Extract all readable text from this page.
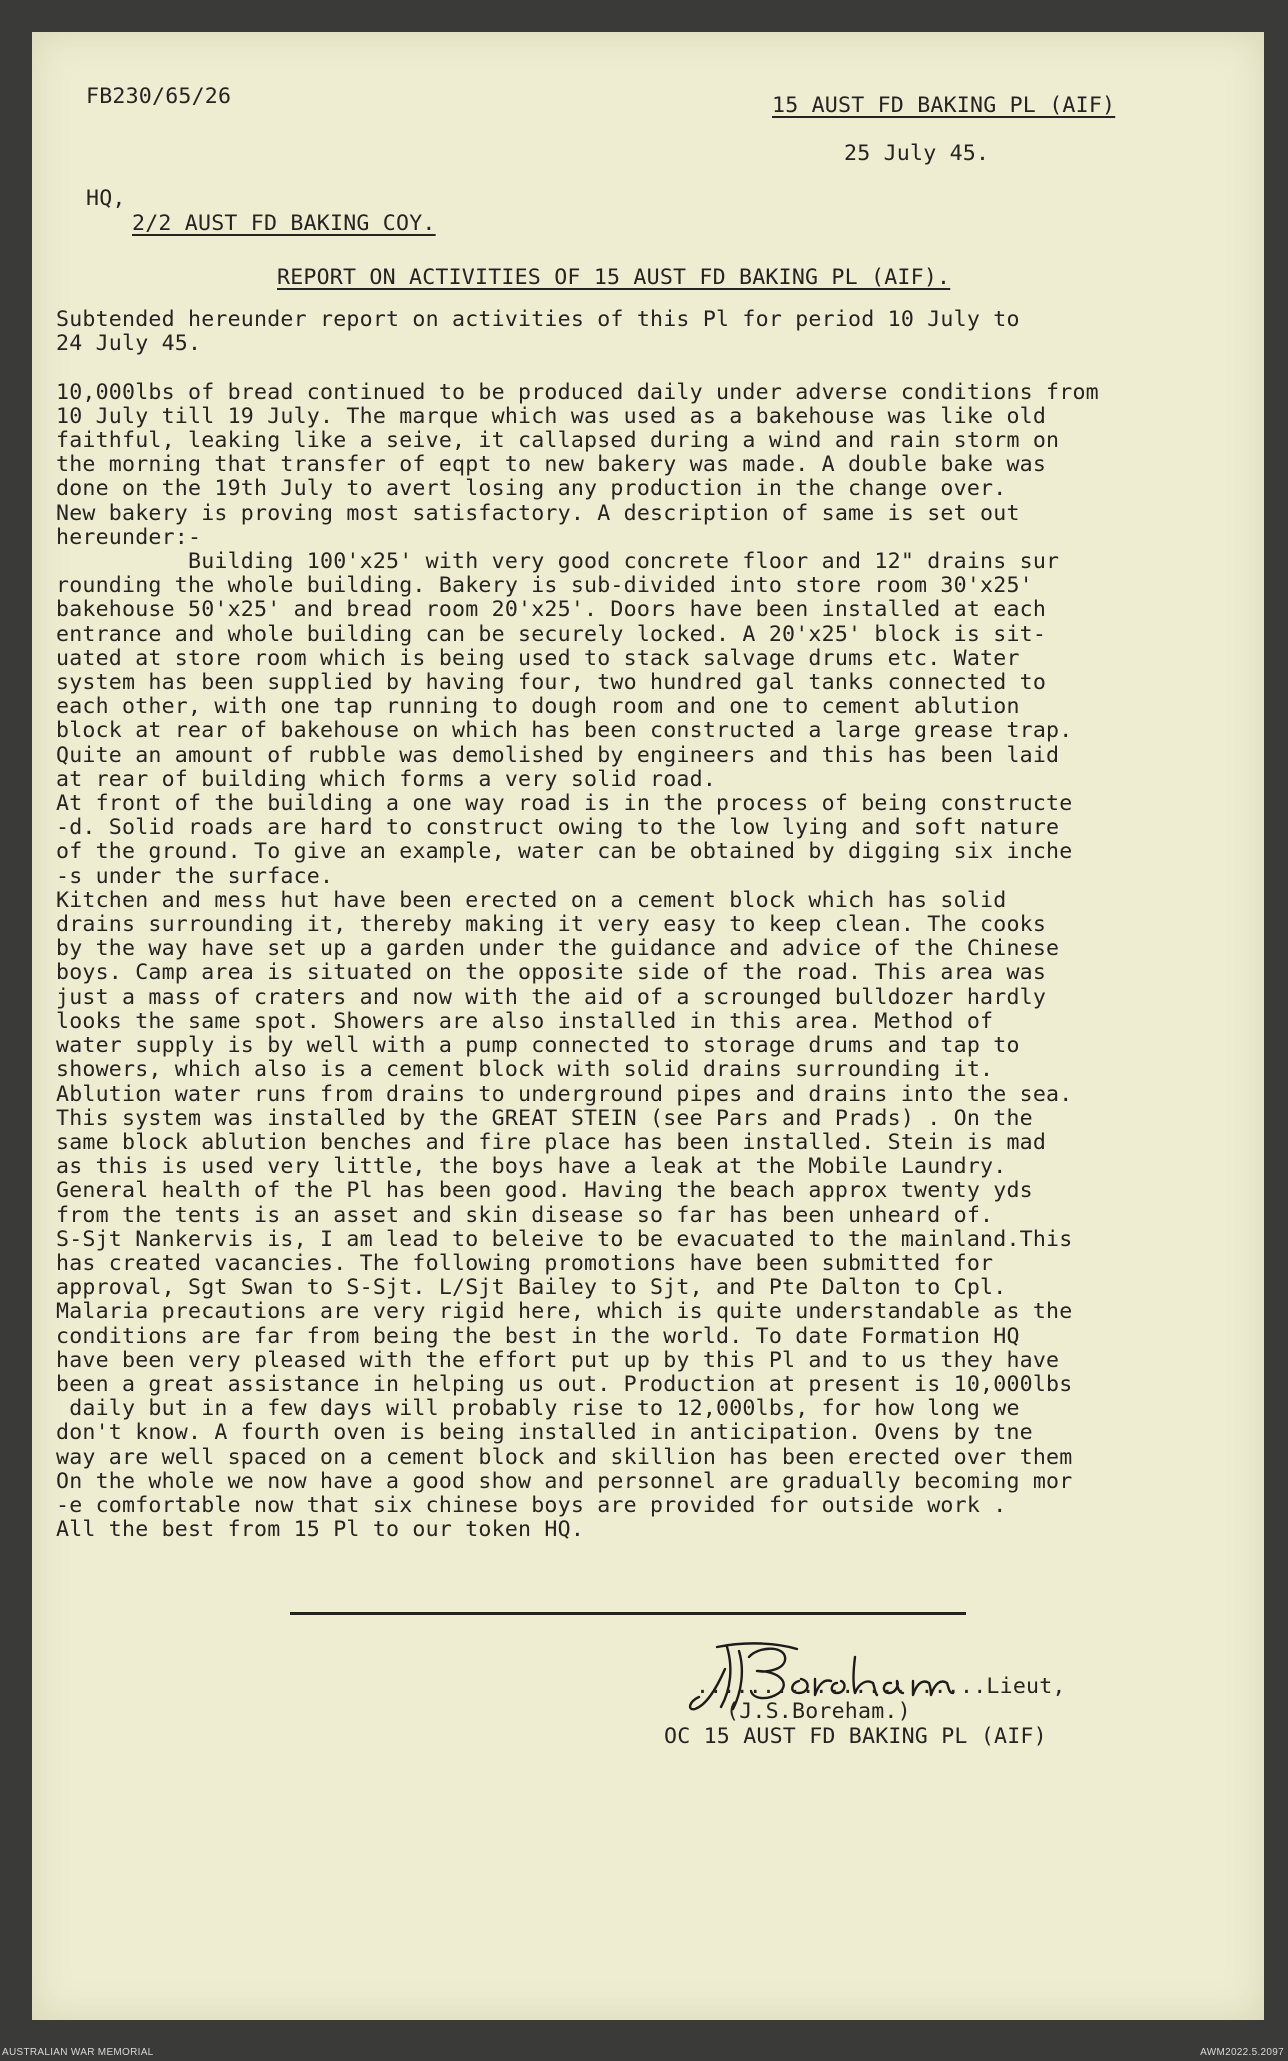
FB230/65/26	15 AUST FD BAKING PL (AIF)
25 July 45.
HQ,
2/2 AUST FD BAKING COY.
REPORT ON ACTIVITIES OF 15 AUST FD BAKING PL (AIF).
Subtended hereunder report on activities of this Pl for period 10 July to
24 July 45.

10,000lbs of bread continued to be produced daily under adverse conditions from
10 July till 19 July. The marque which was used as a bakehouse was like old
faithful, leaking like a seive, it callapsed during a wind and rain storm on
the morning that transfer of eqpt to new bakery was made. A double bake was
done on the 19th July to avert losing any production in the change over.
New bakery is proving most satisfactory. A description of same is set out
hereunder:-
Building 100'x25' with very good concrete floor and 12" drains sur
rounding the whole building. Bakery is sub-divided into store room 30'x25'
bakehouse 50'x25' and bread room 20'x25'. Doors have been installed at each
entrance and whole building can be securely locked. A 20'x25' block is sit-
uated at store room which is being used to stack salvage drums etc. Water
system has been supplied by having four, two hundred gal tanks connected to
each other, with one tap running to dough room and one to cement ablution
block at rear of bakehouse on which has been constructed a large grease trap.
Quite an amount of rubble was demolished by engineers and this has been laid
at rear of building which forms a very solid road.
At front of the building a one way road is in the process of being constructe
-d. Solid roads are hard to construct owing to the low lying and soft nature
of the ground. To give an example, water can be obtained by digging six inche
-s under the surface.
Kitchen and mess hut have been erected on a cement block which has solid
drains surrounding it, thereby making it very easy to keep clean. The cooks
by the way have set up a garden under the guidance and advice of the Chinese
boys. Camp area is situated on the opposite side of the road. This area was
just a mass of craters and now with the aid of a scrounged bulldozer hardly
looks the same spot. Showers are also installed in this area. Method of
water supply is by well with a pump connected to storage drums and tap to
showers, which also is a cement block with solid drains surrounding it.
Ablution water runs from drains to underground pipes and drains into the sea.
This system was installed by the GREAT STEIN (see Pars and Prads) . On the
same block ablution benches and fire place has been installed. Stein is mad
as this is used very little, the boys have a leak at the Mobile Laundry.
General health of the Pl has been good. Having the beach approx twenty yds
from the tents is an asset and skin disease so far has been unheard of.
S-Sjt Nankervis is, I am lead to beleive to be evacuated to the mainland.This
has created vacancies. The following promotions have been submitted for
approval, Sgt Swan to S-Sjt. L/Sjt Bailey to Sjt, and Pte Dalton to Cpl.
Malaria precautions are very rigid here, which is quite understandable as the
conditions are far from being the best in the world. To date Formation HQ
have been very pleased with the effort put up by this Pl and to us they have
been a great assistance in helping us out. Production at present is 10,000lbs
daily but in a few days will probably rise to 12,000lbs, for how long we
don't know. A fourth oven is being installed in anticipation. Ovens by tne
way are well spaced on a cement block and skillion has been erected over them
On the whole we now have a good show and personnel are gradually becoming mor
-e comfortable now that six chinese boys are provided for outside work .
All the best from 15 Pl to our token HQ.
......................Lieut,
(J.S.Boreham.)
OC 15 AUST FD BAKING PL (AIF)
AUSTRALIAN WAR MEMORIAL	AWM2022.5.2097
